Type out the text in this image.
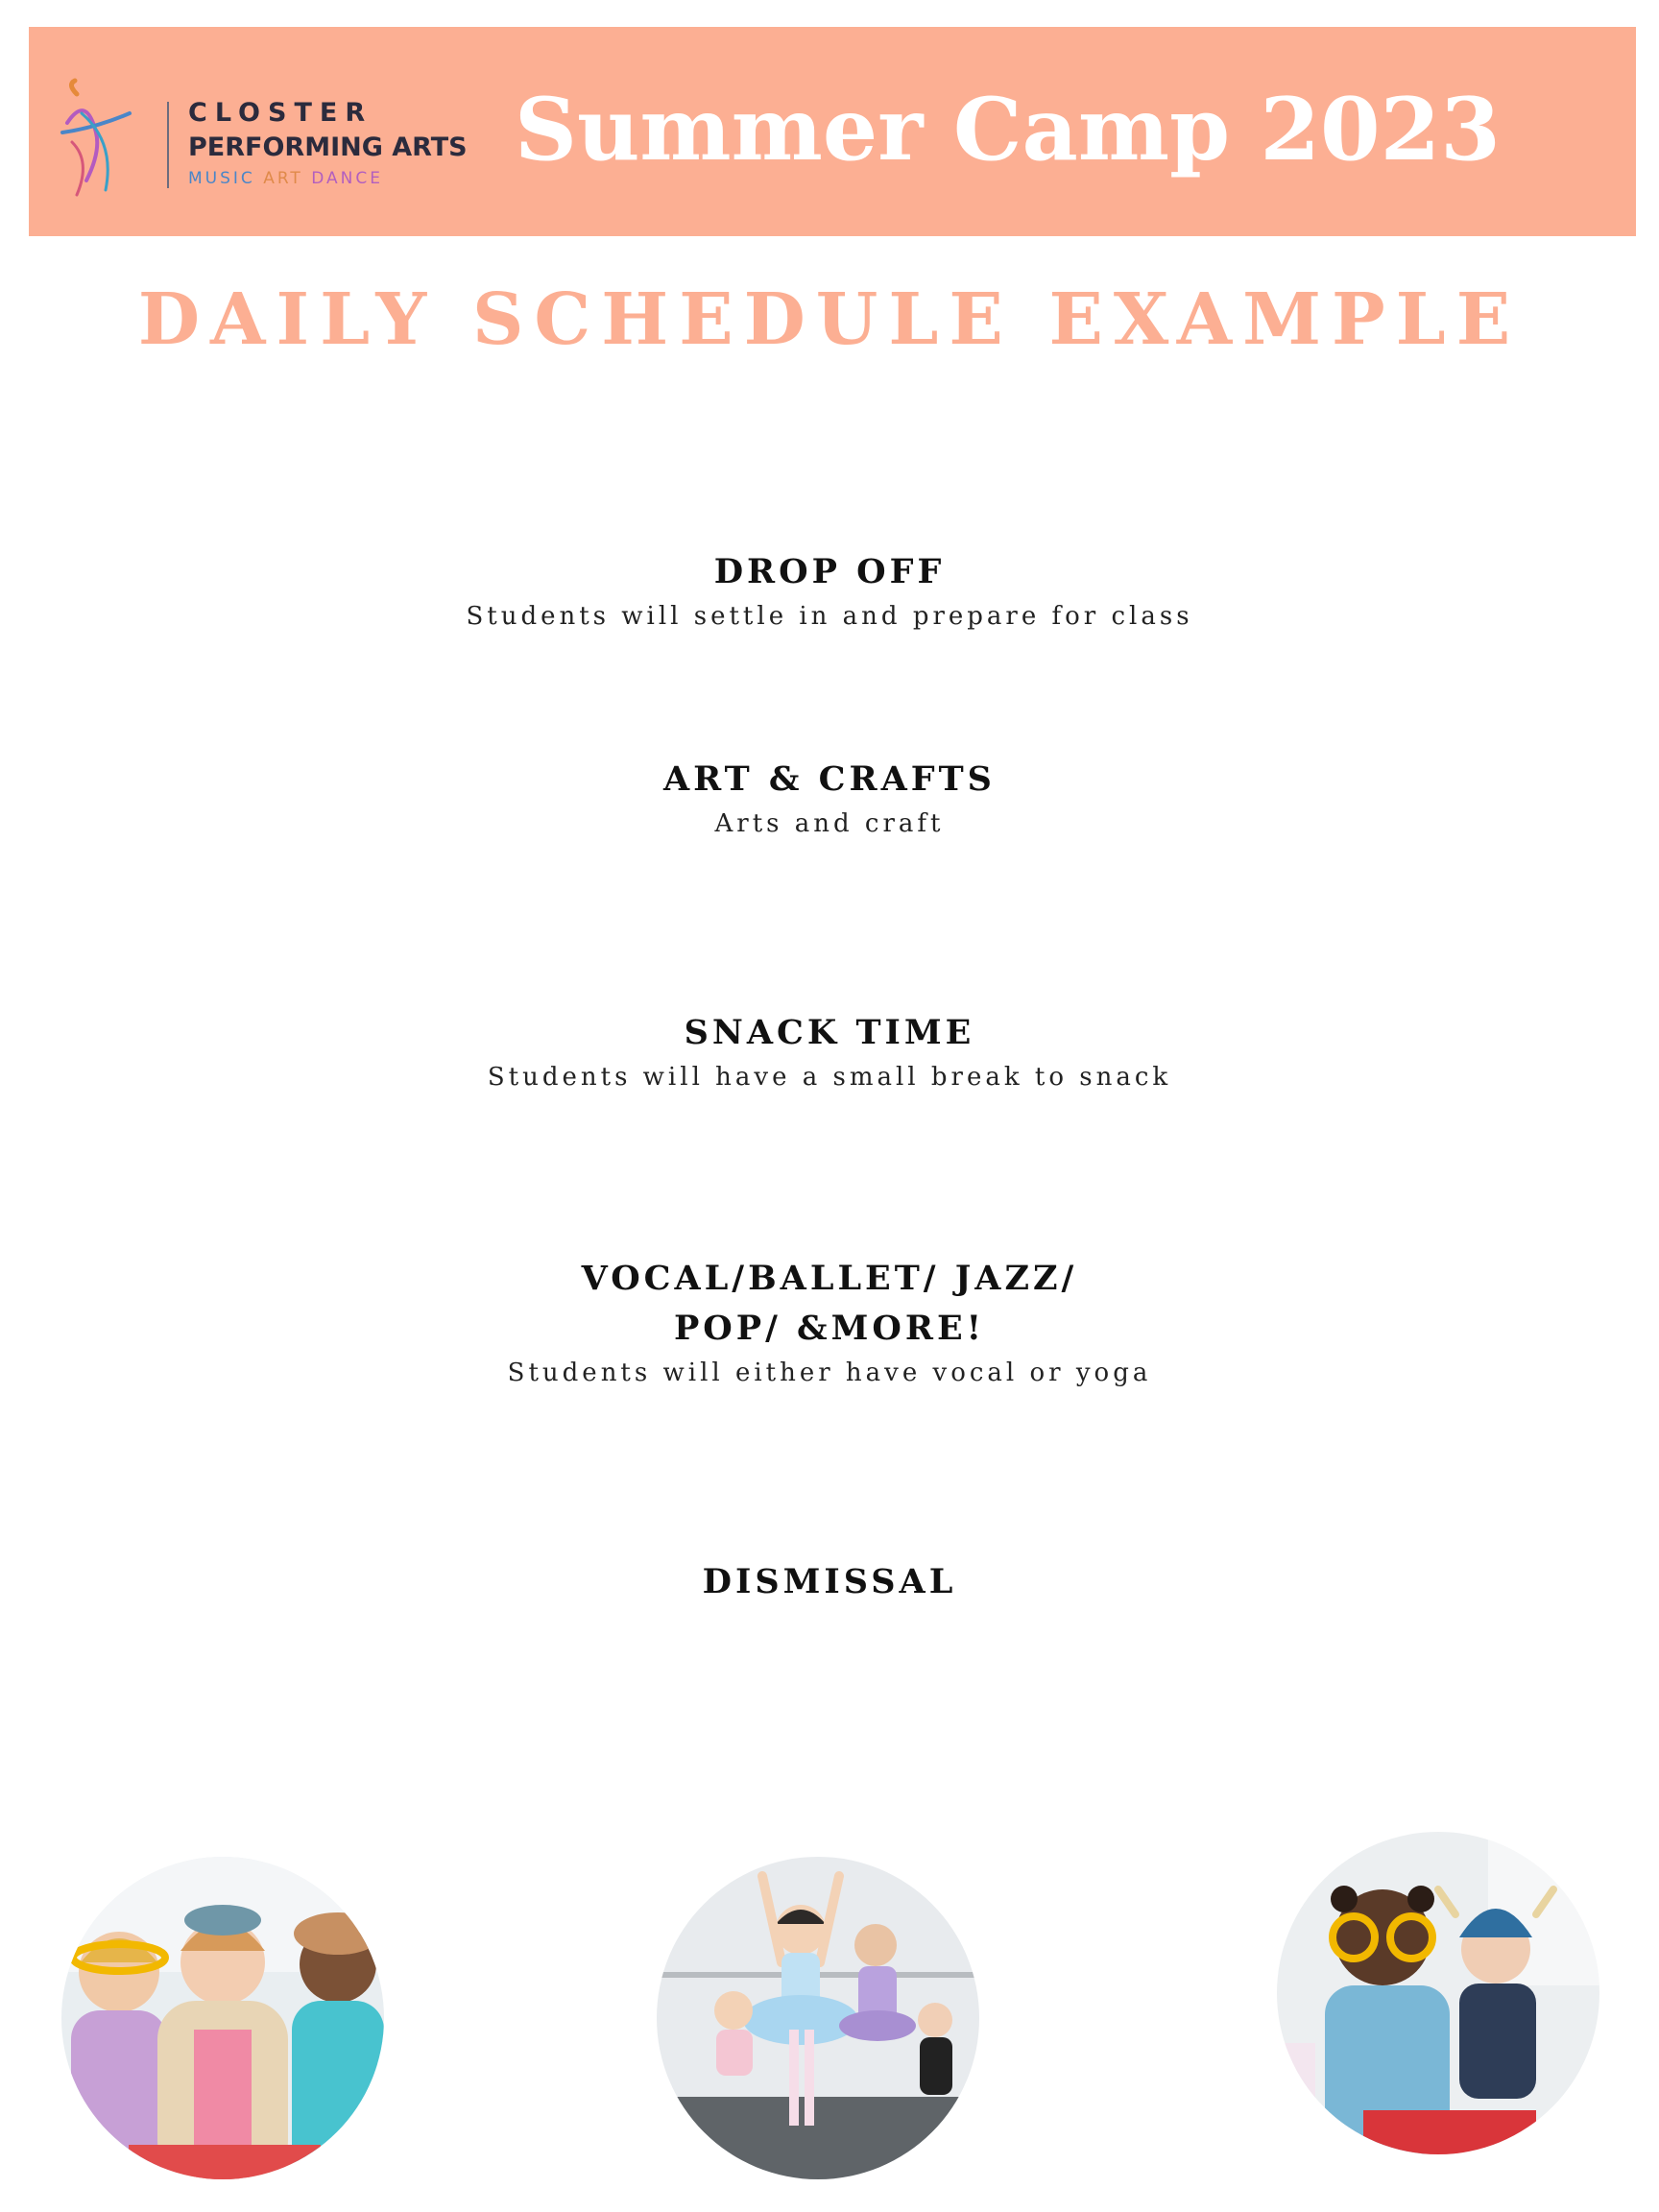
CLOSTER
PERFORMING ARTS
MUSIC ART DANCE Summer Camp 2023
DAILY SCHEDULE EXAMPLE
DROP OFF
Students will settle in and prepare for class
ART & CRAFTS
Arts and craft
SNACK TIME
Students will have a small break to snack
VOCAL/BALLET/ JAZZ/
POP/ &MORE!
Students will either have vocal or yoga
DISMISSAL
